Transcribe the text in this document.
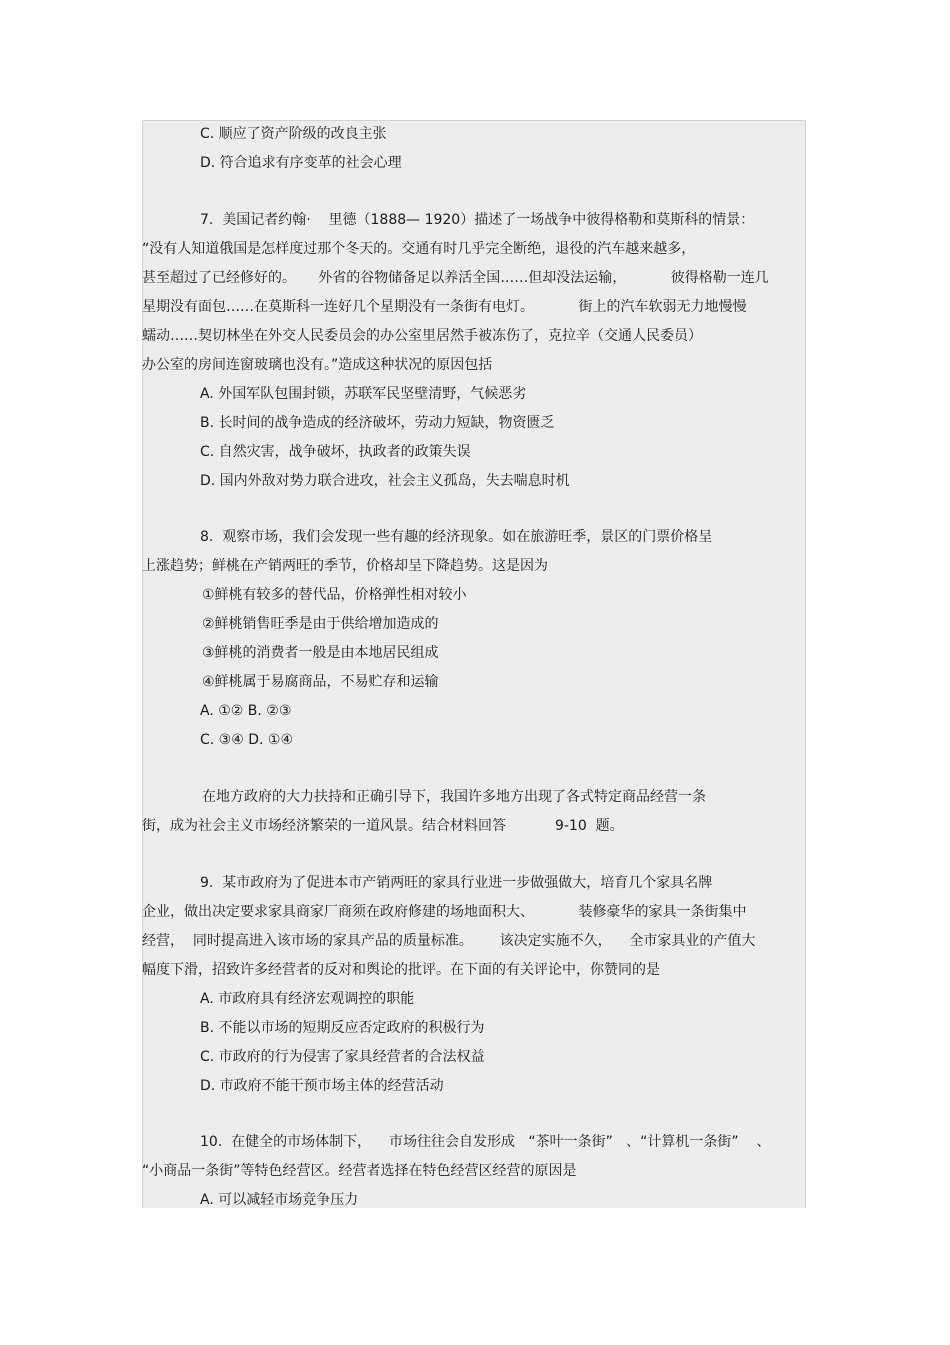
C. 顺应了资产阶级的改良主张
D. 符合追求有序变革的社会心理
7.  美国记者约翰·    里德（1888— 1920）描述了一场战争中彼得格勒和莫斯科的情景：
“没有人知道俄国是怎样度过那个冬天的。交通有时几乎完全断绝，退役的汽车越来越多，
甚至超过了已经修好的。     外省的谷物储备足以养活全国……但却没法运输，          彼得格勒一连几
星期没有面包……在莫斯科一连好几个星期没有一条街有电灯。          街上的汽车软弱无力地慢慢
蠕动……契切林坐在外交人民委员会的办公室里居然手被冻伤了，克拉辛（交通人民委员）
办公室的房间连窗玻璃也没有。”造成这种状况的原因包括
A. 外国军队包围封锁，苏联军民坚壁清野，气候恶劣
B. 长时间的战争造成的经济破坏，劳动力短缺，物资匮乏
C. 自然灾害，战争破坏，执政者的政策失误
D. 国内外敌对势力联合进攻，社会主义孤岛，失去喘息时机
8.  观察市场，我们会发现一些有趣的经济现象。如在旅游旺季，景区的门票价格呈
上涨趋势；鲜桃在产销两旺的季节，价格却呈下降趋势。这是因为
①鲜桃有较多的替代品，价格弹性相对较小
②鲜桃销售旺季是由于供给增加造成的
③鲜桃的消费者一般是由本地居民组成
④鲜桃属于易腐商品，不易贮存和运输
A. ①② B. ②③
C. ③④ D. ①④
在地方政府的大力扶持和正确引导下，我国许多地方出现了各式特定商品经营一条
街，成为社会主义市场经济繁荣的一道风景。结合材料回答           9-10  题。
9.  某市政府为了促进本市产销两旺的家具行业进一步做强做大，培育几个家具名牌
企业，做出决定要求家具商家厂商须在政府修建的场地面积大、          装修豪华的家具一条街集中
经营，  同时提高进入该市场的家具产品的质量标准。      该决定实施不久，    全市家具业的产值大
幅度下滑，招致许多经营者的反对和舆论的批评。在下面的有关评论中，你赞同的是
A. 市政府具有经济宏观调控的职能
B. 不能以市场的短期反应否定政府的积极行为
C. 市政府的行为侵害了家具经营者的合法权益
D. 市政府不能干预市场主体的经营活动
10.  在健全的市场体制下，    市场往往会自发形成   “茶叶一条街”   、“计算机一条街”    、
“小商品一条街”等特色经营区。经营者选择在特色经营区经营的原因是
A. 可以减轻市场竞争压力
